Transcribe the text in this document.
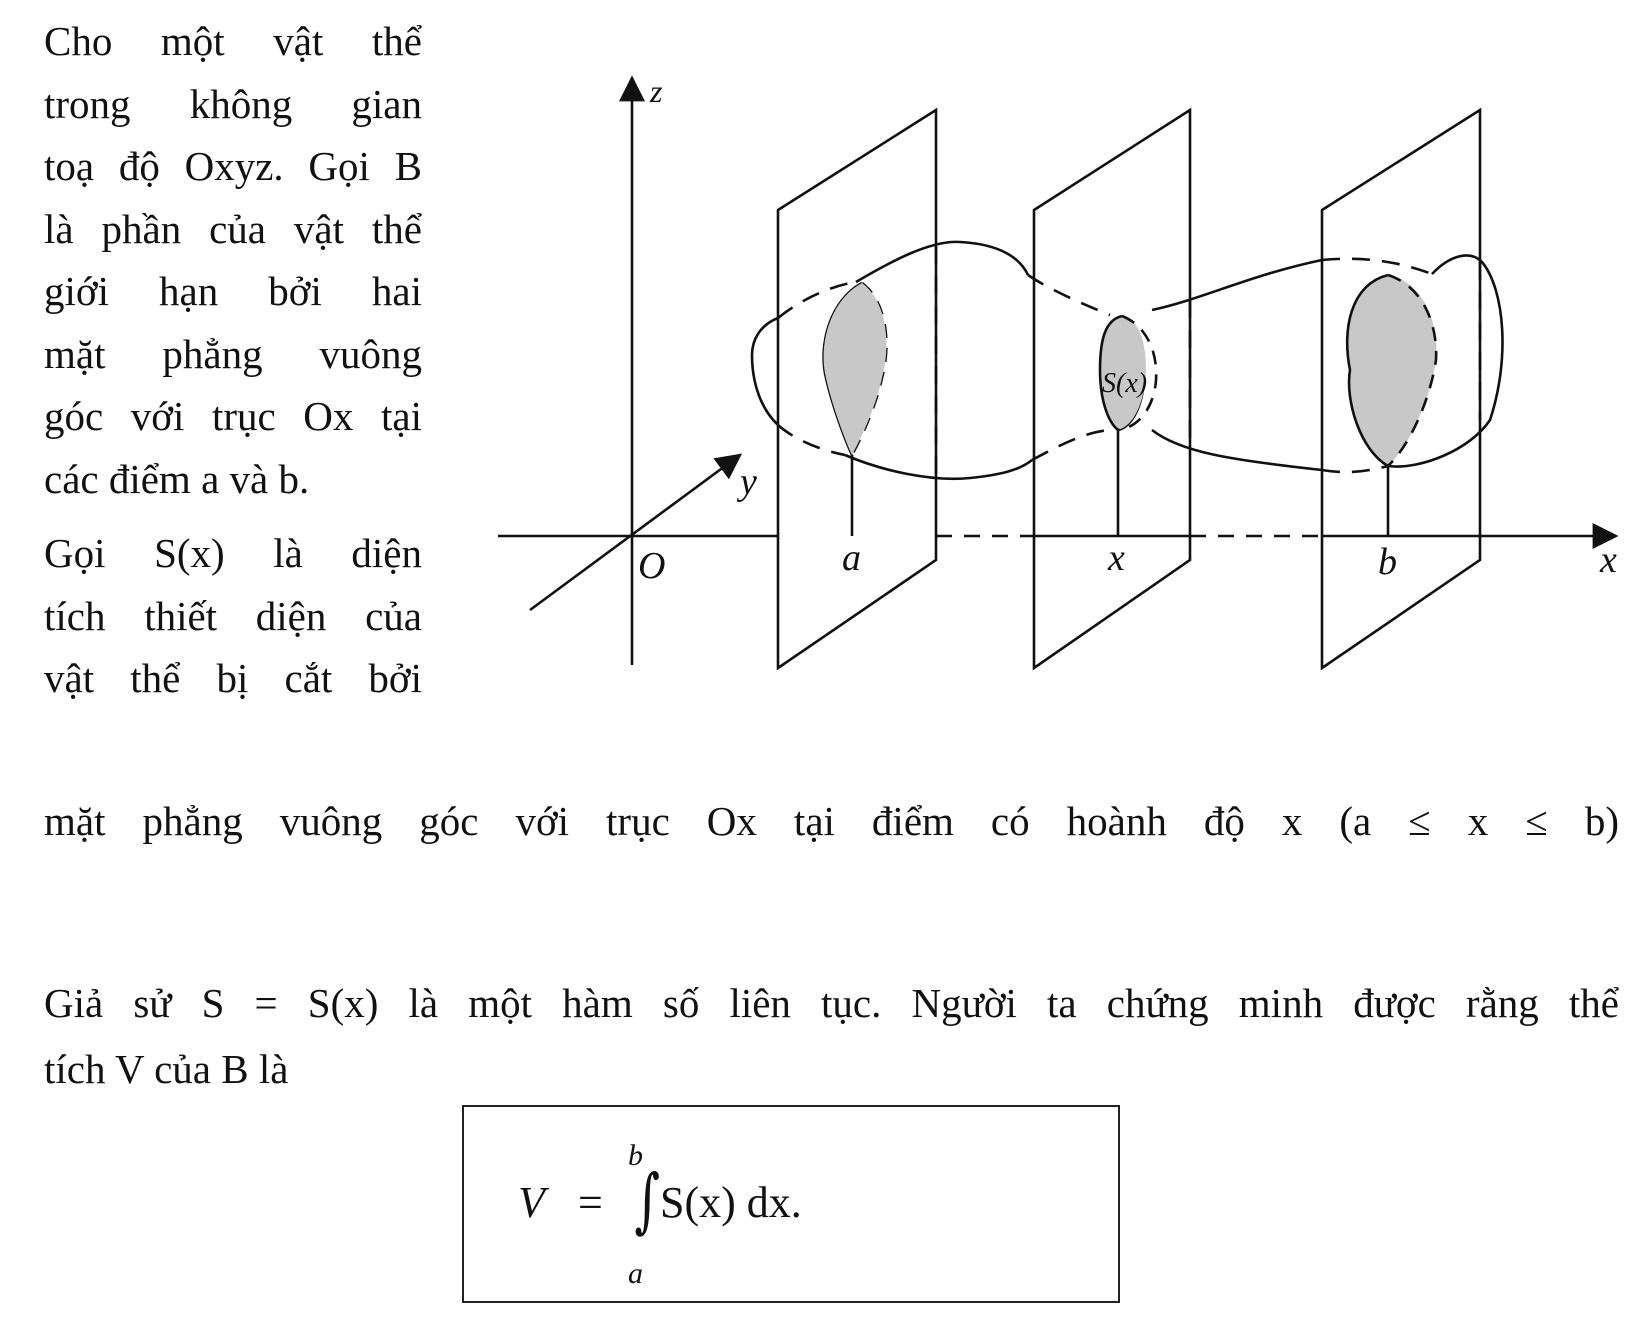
Cho một vật thể
trong không gian
toạ độ Oxyz. Gọi B
là phần của vật thể
giới hạn bởi hai
mặt phẳng vuông
góc với trục Ox tại
các điểm a và b.
Gọi S(x) là diện
tích thiết diện của
vật thể bị cắt bởi
mặt phẳng vuông góc với trục Ox tại điểm có hoành độ x (a ≤ x ≤ b)
Giả sử S = S(x) là một hàm số liên tục. Người ta chứng minh được rằng thể
tích V của B là
z
y
x
O	a	x	b
S(x)
V =
b
∫
a
S(x) dx.
